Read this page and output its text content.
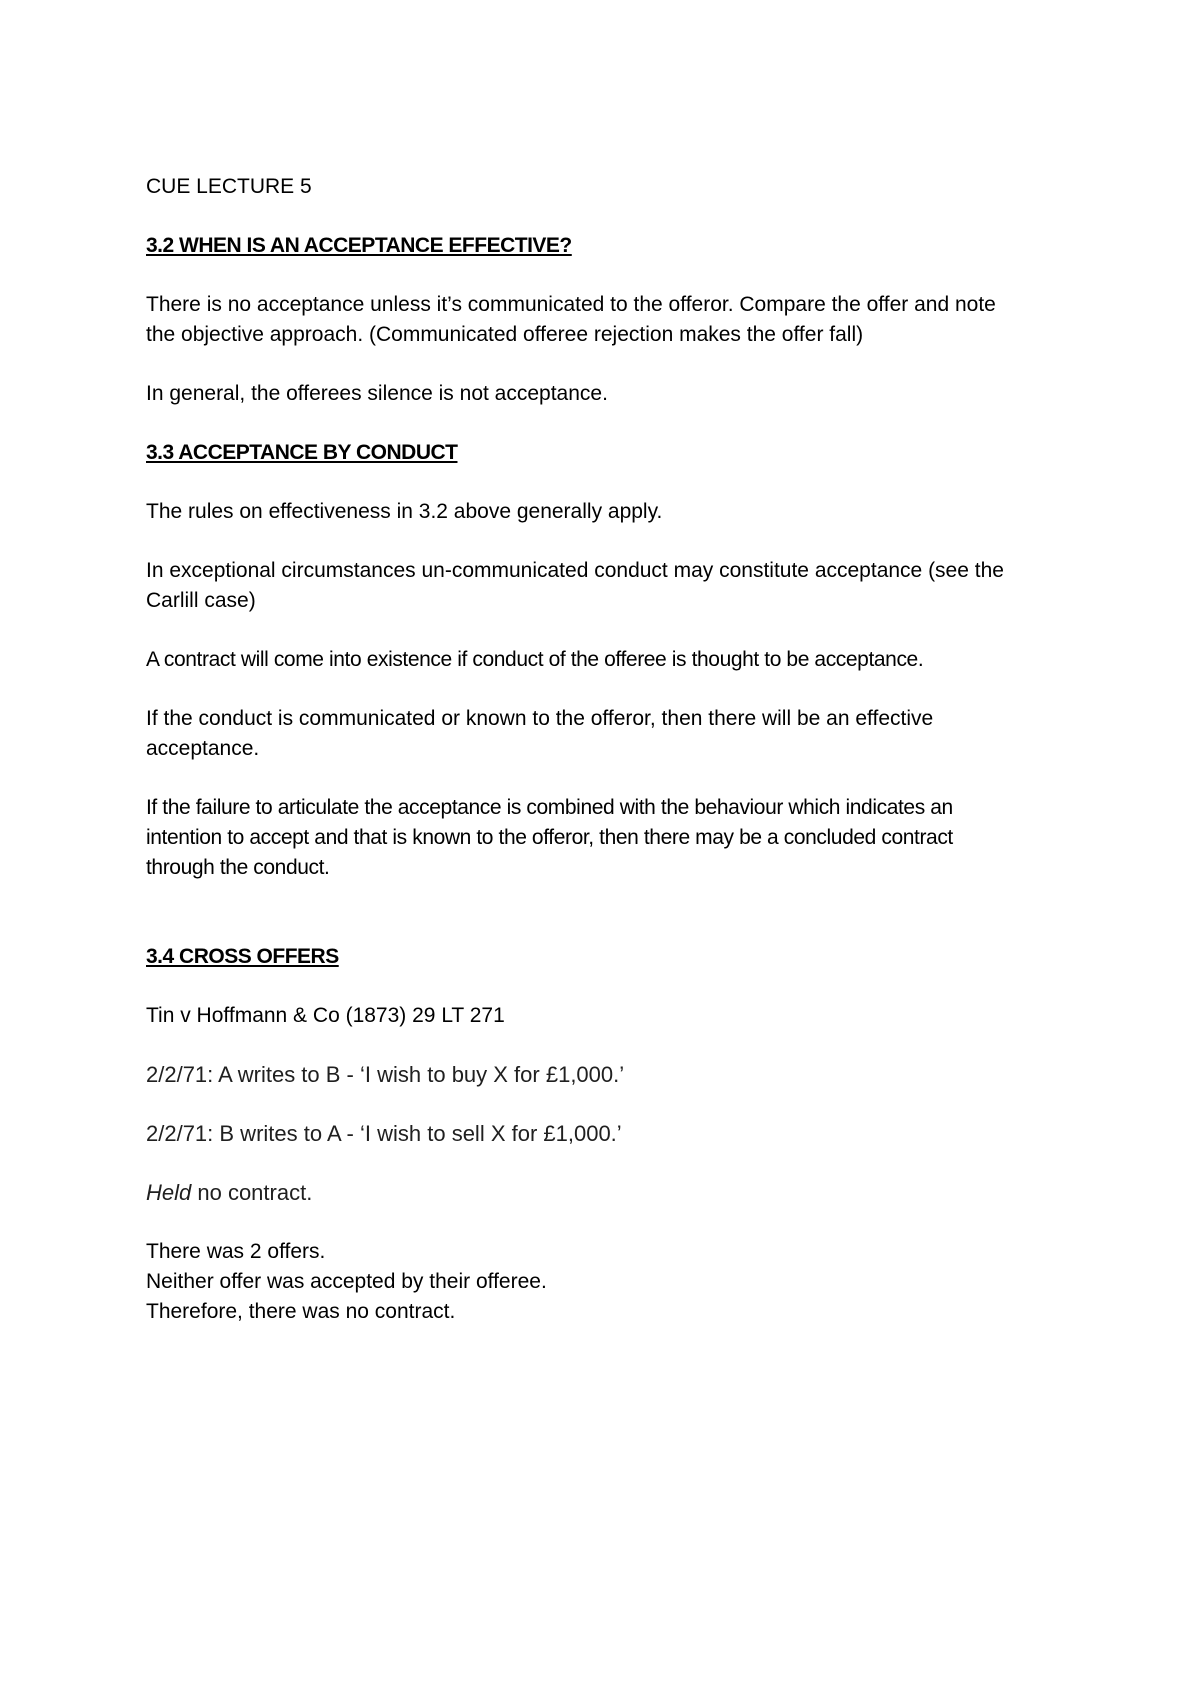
CUE LECTURE 5

3.2 WHEN IS AN ACCEPTANCE EFFECTIVE?

There is no acceptance unless it’s communicated to the offeror. Compare the offer and note

the objective approach. (Communicated offeree rejection makes the offer fall)

In general, the offerees silence is not acceptance.

3.3 ACCEPTANCE BY CONDUCT

The rules on effectiveness in 3.2 above generally apply.

In exceptional circumstances un-communicated conduct may constitute acceptance (see the

Carlill case)

A contract will come into existence if conduct of the offeree is thought to be acceptance.

If the conduct is communicated or known to the offeror, then there will be an effective

acceptance.

If the failure to articulate the acceptance is combined with the behaviour which indicates an

intention to accept and that is known to the offeror, then there may be a concluded contract

through the conduct.

3.4 CROSS OFFERS

Tin v Hoffmann & Co (1873) 29 LT 271

2/2/71: A writes to B - ‘I wish to buy X for £1,000.’

2/2/71: B writes to A - ‘I wish to sell X for £1,000.’

Held no contract.

There was 2 offers.

Neither offer was accepted by their offeree.

Therefore, there was no contract.
